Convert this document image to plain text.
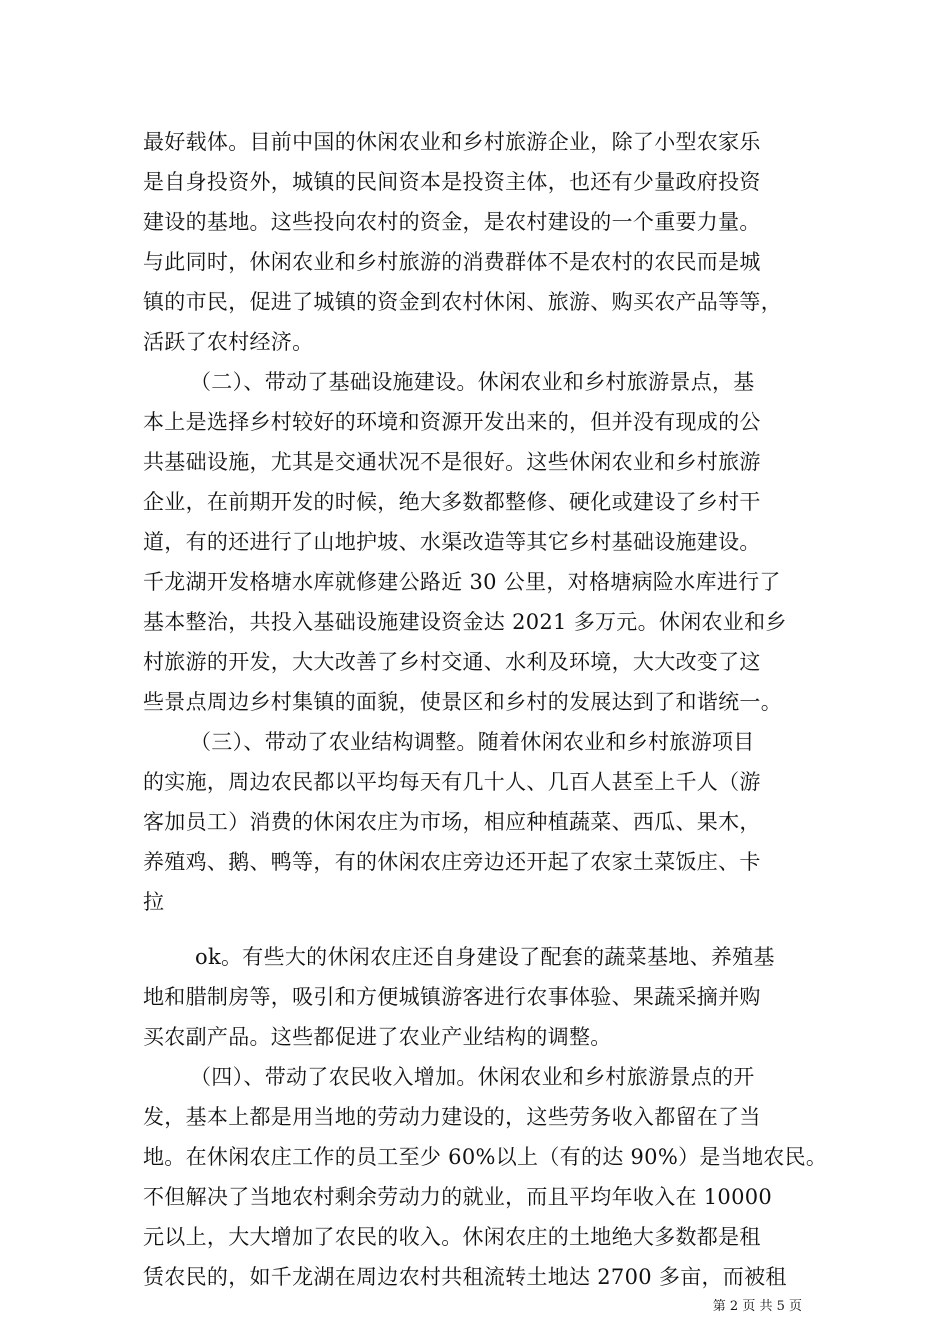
最好载体。目前中国的休闲农业和乡村旅游企业，除了小型农家乐
是自身投资外，城镇的民间资本是投资主体，也还有少量政府投资
建设的基地。这些投向农村的资金，是农村建设的一个重要力量。
与此同时，休闲农业和乡村旅游的消费群体不是农村的农民而是城
镇的市民，促进了城镇的资金到农村休闲、旅游、购买农产品等等，
活跃了农村经济。
（二）、带动了基础设施建设。休闲农业和乡村旅游景点，基
本上是选择乡村较好的环境和资源开发出来的，但并没有现成的公
共基础设施，尤其是交通状况不是很好。这些休闲农业和乡村旅游
企业，在前期开发的时候，绝大多数都整修、硬化或建设了乡村干
道，有的还进行了山地护坡、水渠改造等其它乡村基础设施建设。
千龙湖开发格塘水库就修建公路近 30 公里，对格塘病险水库进行了
基本整治，共投入基础设施建设资金达 2021 多万元。休闲农业和乡
村旅游的开发，大大改善了乡村交通、水利及环境，大大改变了这
些景点周边乡村集镇的面貌，使景区和乡村的发展达到了和谐统一。
（三）、带动了农业结构调整。随着休闲农业和乡村旅游项目
的实施，周边农民都以平均每天有几十人、几百人甚至上千人（游
客加员工）消费的休闲农庄为市场，相应种植蔬菜、西瓜、果木，
养殖鸡、鹅、鸭等，有的休闲农庄旁边还开起了农家土菜饭庄、卡
拉
ok。有些大的休闲农庄还自身建设了配套的蔬菜基地、养殖基
地和腊制房等，吸引和方便城镇游客进行农事体验、果蔬采摘并购
买农副产品。这些都促进了农业产业结构的调整。
（四）、带动了农民收入增加。休闲农业和乡村旅游景点的开
发，基本上都是用当地的劳动力建设的，这些劳务收入都留在了当
地。在休闲农庄工作的员工至少 60%以上（有的达 90%）是当地农民。
不但解决了当地农村剩余劳动力的就业，而且平均年收入在 10000
元以上，大大增加了农民的收入。休闲农庄的土地绝大多数都是租
赁农民的，如千龙湖在周边农村共租流转土地达 2700 多亩，而被租
第 2 页 共 5 页
